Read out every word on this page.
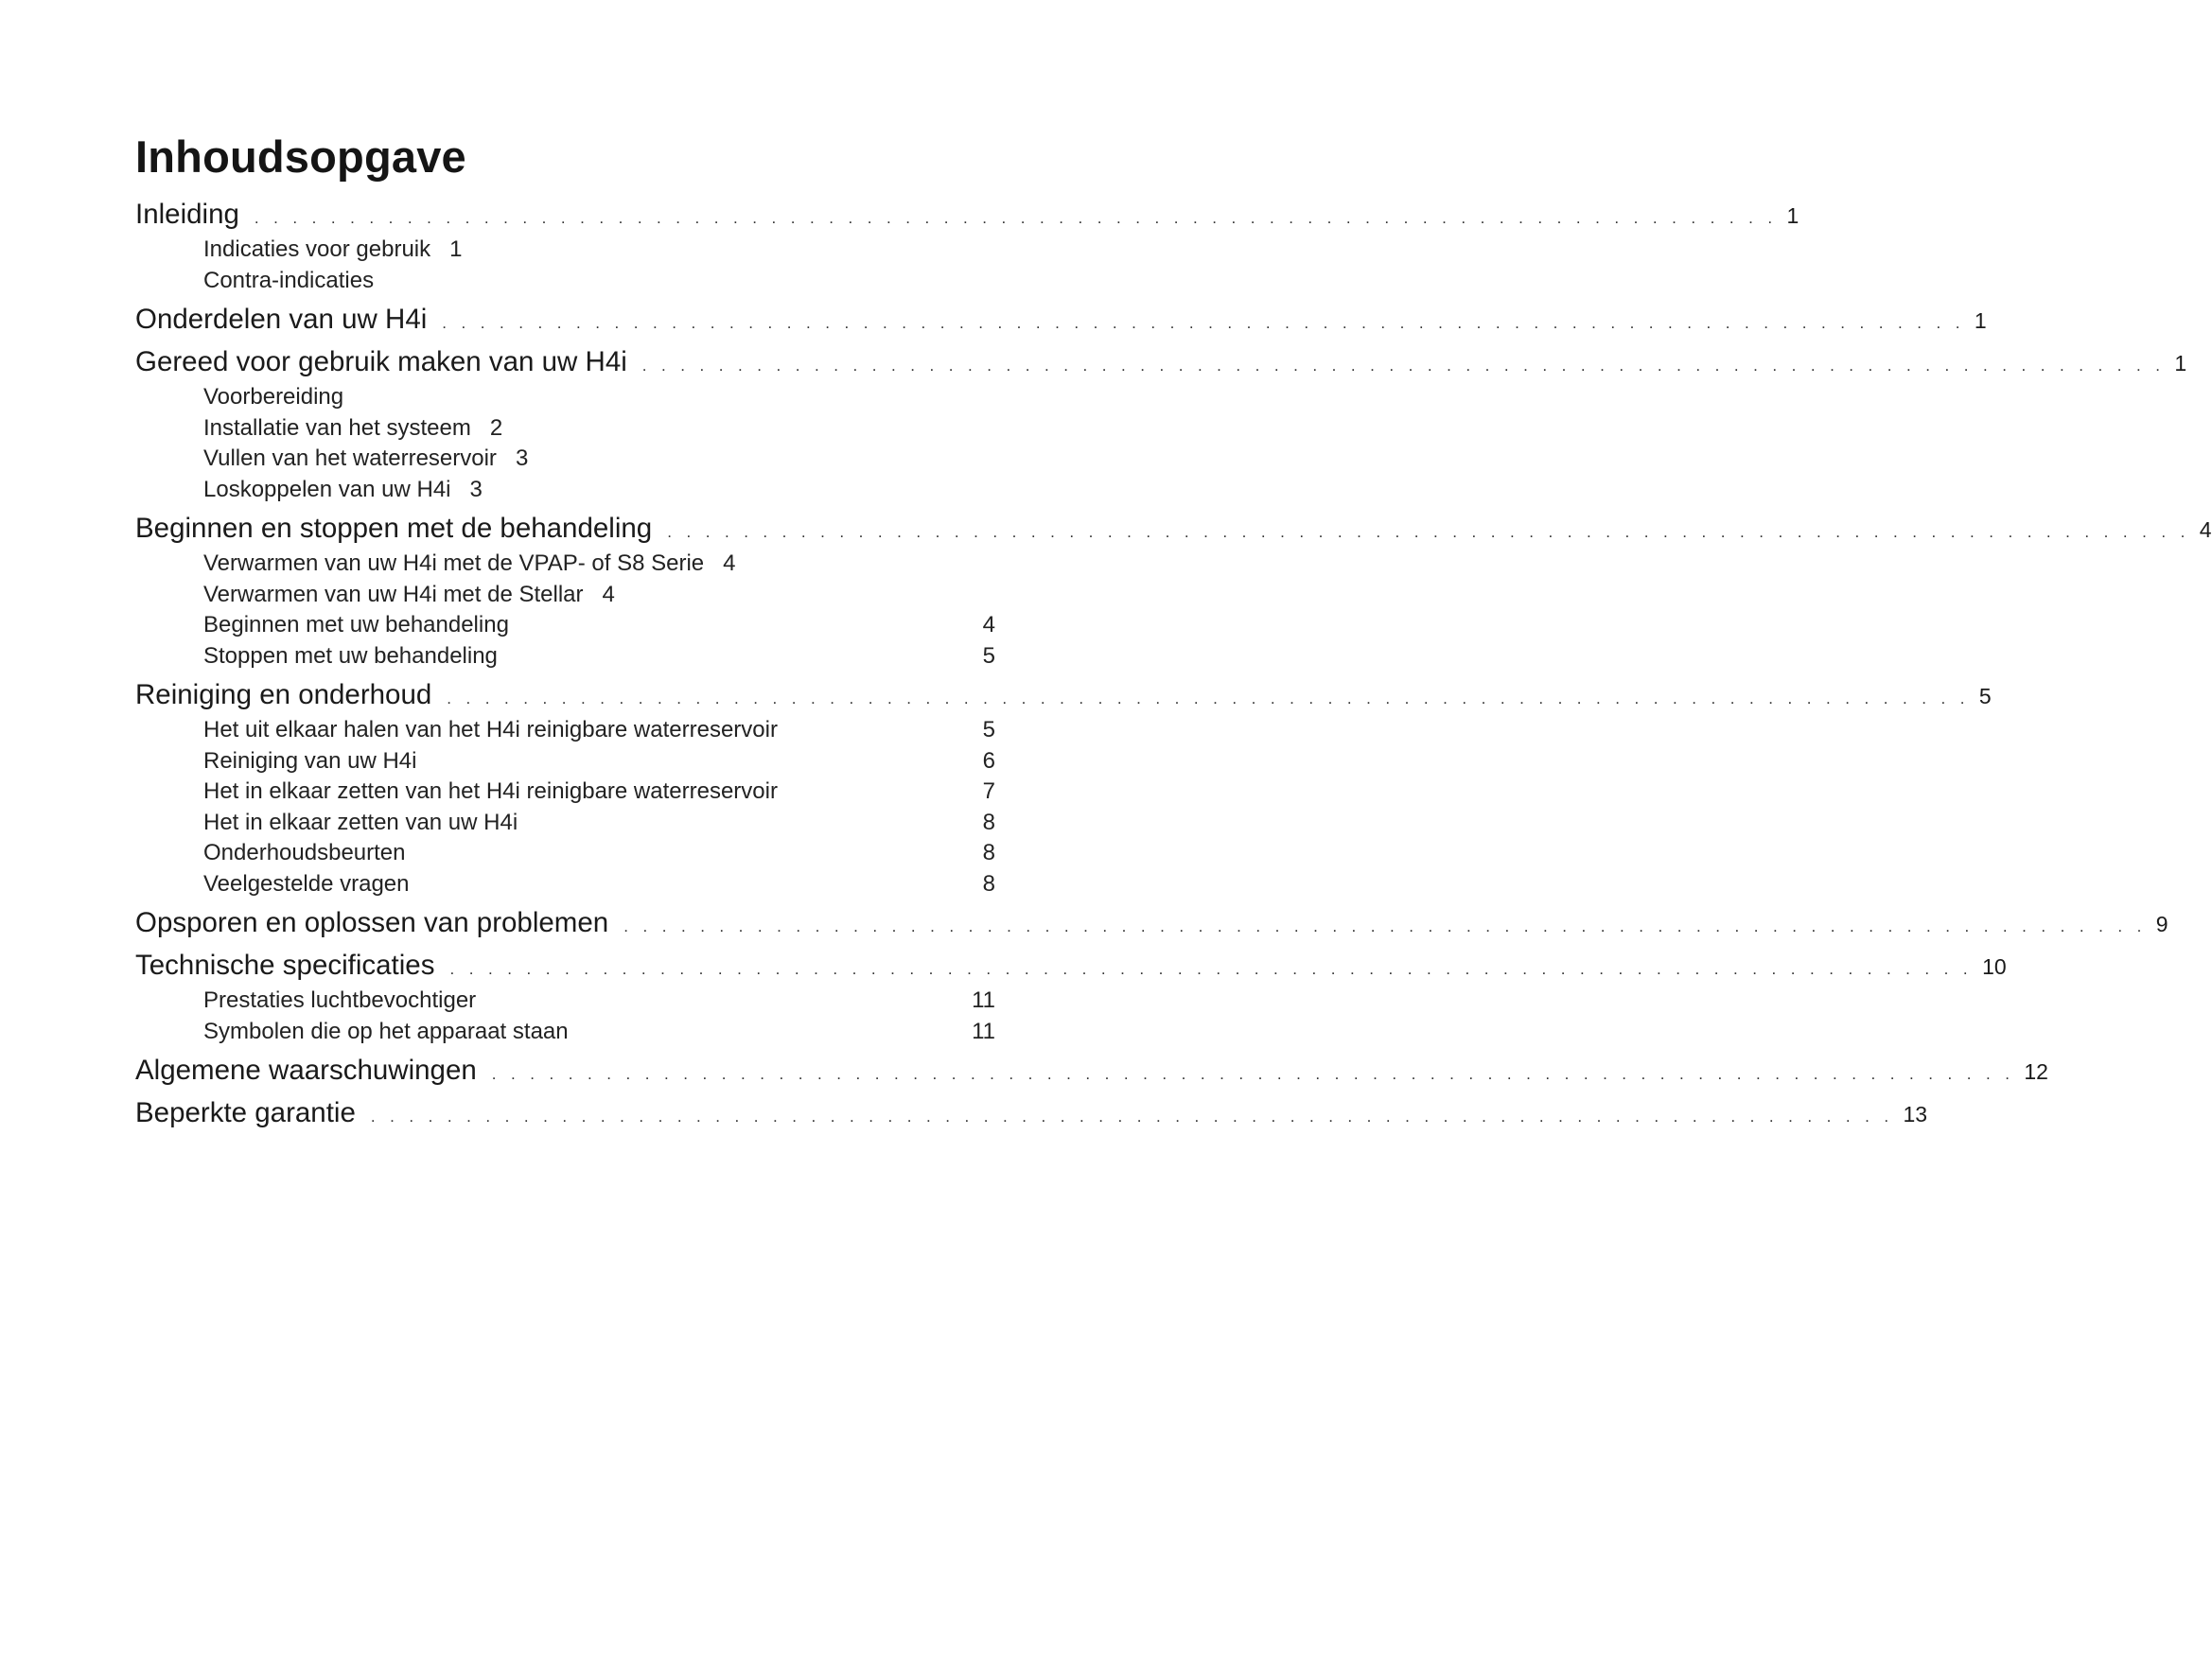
Inhoudsopgave
Inleiding . . . . . . . . . . . . . . . . . . . . . . . . . . . . . . . . . . . . . . . . . . . . . . . . . . . . . . . . . . . . . . . . . . . . . . . . . . . . . . . . 1
Indicaties voor gebruik 1
Contra-indicaties
Onderdelen van uw H4i . . . . . . . . . . . . . . . . . . . . . . . . . . . . . . . . . . . . . . . . . . . . . . . . . . . . . . . . . . . . . . . . . . . . . . . . . . . . . . . . 1
Gereed voor gebruik maken van uw H4i . . . . . . . . . . . . . . . . . . . . . . . . . . . . . . . . . . . . . . . . . . . . . . . . . . . . . . . . . . . . . . . . . . . . . . . . . . . . . . . . 1
Voorbereiding
Installatie van het systeem 2
Vullen van het waterreservoir 3
Loskoppelen van uw H4i 3
Beginnen en stoppen met de behandeling . . . . . . . . . . . . . . . . . . . . . . . . . . . . . . . . . . . . . . . . . . . . . . . . . . . . . . . . . . . . . . . . . . . . . . . . . . . . . . . . 4
Verwarmen van uw H4i met de VPAP- of S8 Serie 4
Verwarmen van uw H4i met de Stellar 4
Beginnen met uw behandeling	4
Stoppen met uw behandeling	5
Reiniging en onderhoud . . . . . . . . . . . . . . . . . . . . . . . . . . . . . . . . . . . . . . . . . . . . . . . . . . . . . . . . . . . . . . . . . . . . . . . . . . . . . . . . 5
Het uit elkaar halen van het H4i reinigbare waterreservoir	5
Reiniging van uw H4i	6
Het in elkaar zetten van het H4i reinigbare waterreservoir	7
Het in elkaar zetten van uw H4i	8
Onderhoudsbeurten	8
Veelgestelde vragen	8
Opsporen en oplossen van problemen . . . . . . . . . . . . . . . . . . . . . . . . . . . . . . . . . . . . . . . . . . . . . . . . . . . . . . . . . . . . . . . . . . . . . . . . . . . . . . . . 9
Technische specificaties . . . . . . . . . . . . . . . . . . . . . . . . . . . . . . . . . . . . . . . . . . . . . . . . . . . . . . . . . . . . . . . . . . . . . . . . . . . . . . . . 10
Prestaties luchtbevochtiger	11
Symbolen die op het apparaat staan	11
Algemene waarschuwingen . . . . . . . . . . . . . . . . . . . . . . . . . . . . . . . . . . . . . . . . . . . . . . . . . . . . . . . . . . . . . . . . . . . . . . . . . . . . . . . . 12
Beperkte garantie . . . . . . . . . . . . . . . . . . . . . . . . . . . . . . . . . . . . . . . . . . . . . . . . . . . . . . . . . . . . . . . . . . . . . . . . . . . . . . . . 13
